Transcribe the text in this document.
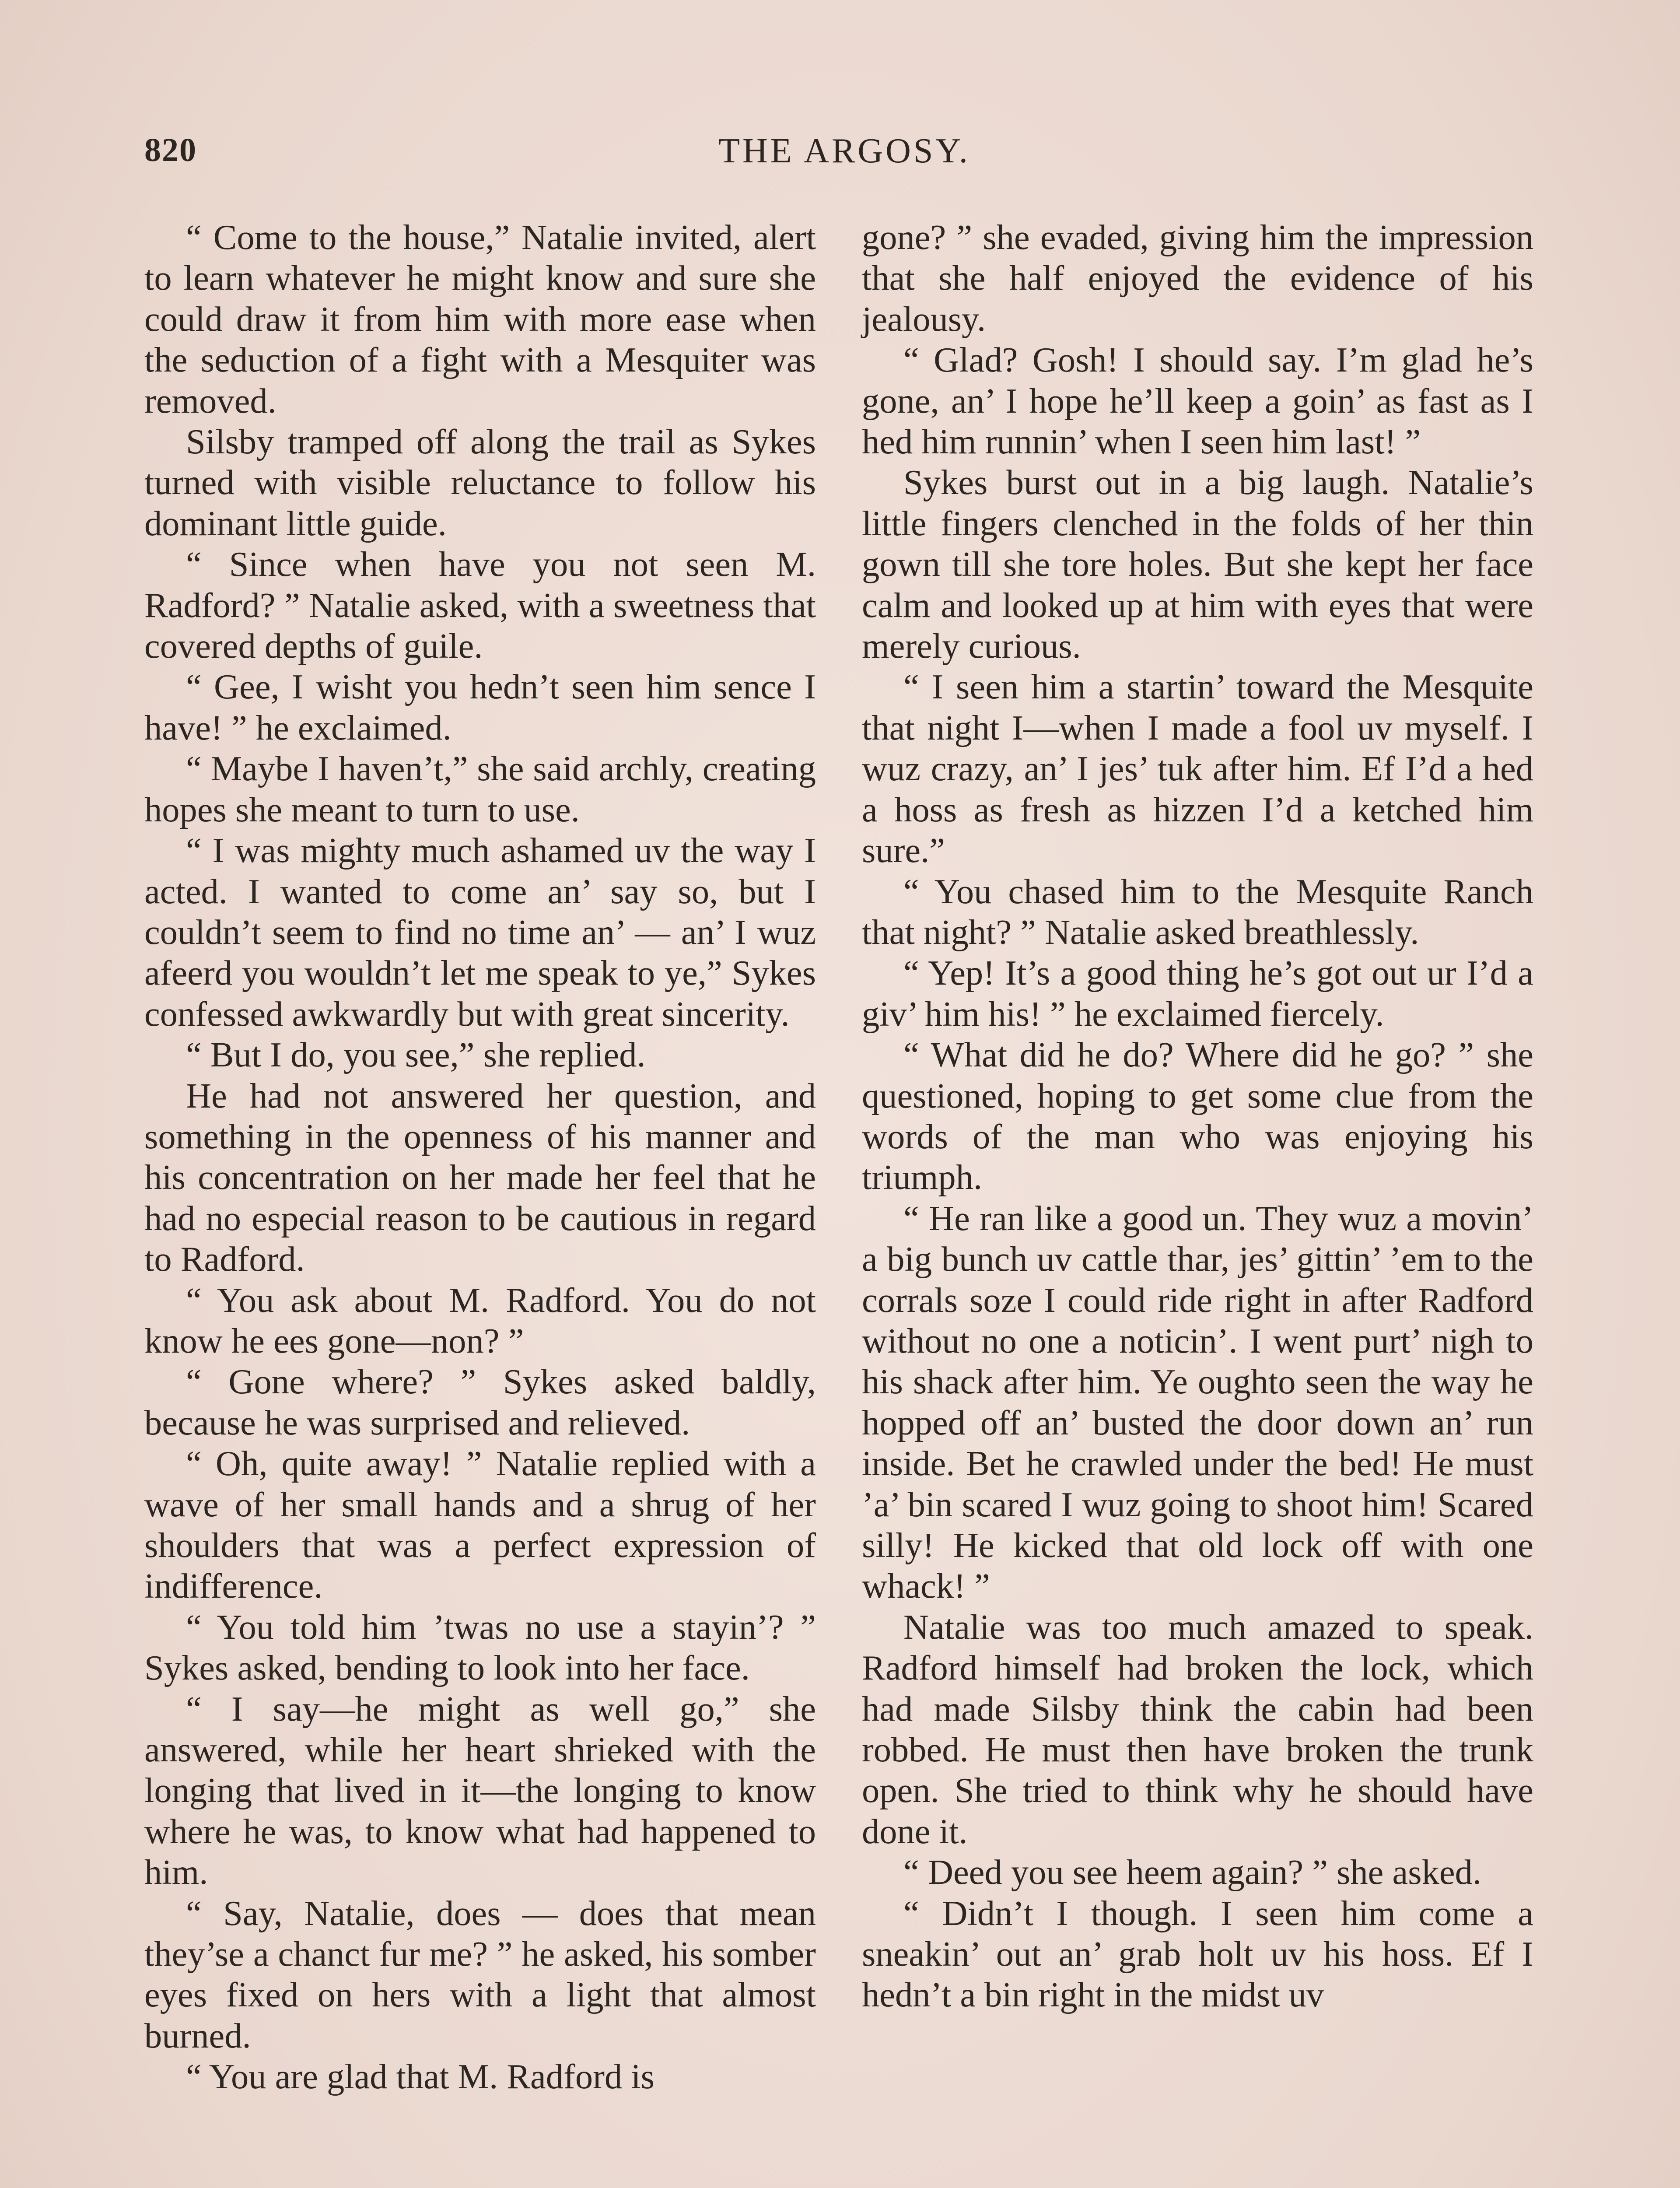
820	THE ARGOSY.

“ Come to the house,” Natalie invited, alert to learn whatever he might know and sure she could draw it from him with more ease when the seduction of a fight with a Mesquiter was removed.

Silsby tramped off along the trail as Sykes turned with visible reluctance to follow his dominant little guide.

“ Since when have you not seen M. Radford? ” Natalie asked, with a sweetness that covered depths of guile.

“ Gee, I wisht you hedn’t seen him sence I have! ” he exclaimed.

“ Maybe I haven’t,” she said archly, creating hopes she meant to turn to use.

“ I was mighty much ashamed uv the way I acted. I wanted to come an’ say so, but I couldn’t seem to find no time an’ — an’ I wuz afeerd you wouldn’t let me speak to ye,” Sykes confessed awkwardly but with great sincerity.

“ But I do, you see,” she replied.

He had not answered her question, and something in the openness of his manner and his concentration on her made her feel that he had no especial reason to be cautious in regard to Radford.

“ You ask about M. Radford. You do not know he ees gone—non? ”

“ Gone where? ” Sykes asked baldly, because he was surprised and relieved.

“ Oh, quite away! ” Natalie replied with a wave of her small hands and a shrug of her shoulders that was a perfect expression of indifference.

“ You told him ’twas no use a stayin’? ” Sykes asked, bending to look into her face.

“ I say—he might as well go,” she answered, while her heart shrieked with the longing that lived in it—the longing to know where he was, to know what had happened to him.

“ Say, Natalie, does — does that mean they’se a chanct fur me? ” he asked, his somber eyes fixed on hers with a light that almost burned.

“ You are glad that M. Radford is

gone? ” she evaded, giving him the impression that she half enjoyed the evidence of his jealousy.

“ Glad? Gosh! I should say. I’m glad he’s gone, an’ I hope he’ll keep a goin’ as fast as I hed him runnin’ when I seen him last! ”

Sykes burst out in a big laugh. Natalie’s little fingers clenched in the folds of her thin gown till she tore holes. But she kept her face calm and looked up at him with eyes that were merely curious.

“ I seen him a startin’ toward the Mesquite that night I—when I made a fool uv myself. I wuz crazy, an’ I jes’ tuk after him. Ef I’d a hed a hoss as fresh as hizzen I’d a ketched him sure.”

“ You chased him to the Mesquite Ranch that night? ” Natalie asked breathlessly.

“ Yep! It’s a good thing he’s got out ur I’d a giv’ him his! ” he exclaimed fiercely.

“ What did he do? Where did he go? ” she questioned, hoping to get some clue from the words of the man who was enjoying his triumph.

“ He ran like a good un. They wuz a movin’ a big bunch uv cattle thar, jes’ gittin’ ’em to the corrals soze I could ride right in after Radford without no one a noticin’. I went purt’ nigh to his shack after him. Ye oughto seen the way he hopped off an’ busted the door down an’ run inside. Bet he crawled under the bed! He must ’a’ bin scared I wuz going to shoot him! Scared silly! He kicked that old lock off with one whack! ”

Natalie was too much amazed to speak. Radford himself had broken the lock, which had made Silsby think the cabin had been robbed. He must then have broken the trunk open. She tried to think why he should have done it.

“ Deed you see heem again? ” she asked.

“ Didn’t I though. I seen him come a sneakin’ out an’ grab holt uv his hoss. Ef I hedn’t a bin right in the midst uv
